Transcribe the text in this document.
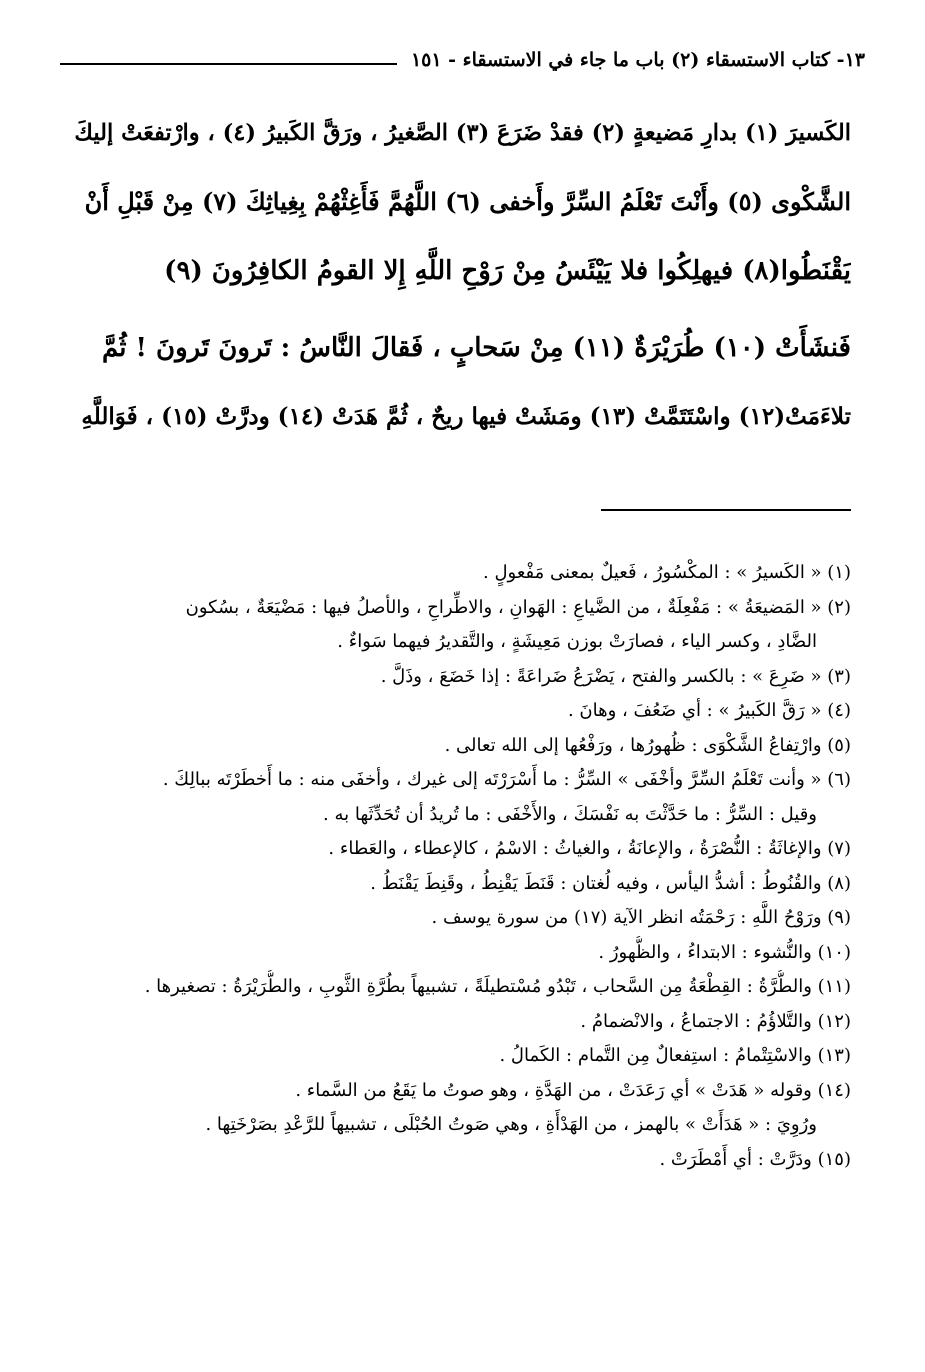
١٣- كتاب الاستسقاء (٢) باب ما جاء في الاستسقاء - ١٥١
الكَسيرَ (١) بدارِ مَضيعةٍ (٢) فقدْ ضَرَعَ (٣) الصَّغيرُ ، ورَقَّ الكَبيرُ (٤) ، وارْتفعَتْ إليكَ
الشَّكْوى (٥) وأَنْتَ تَعْلَمُ السِّرَّ وأَخفى (٦) اللَّهُمَّ فَأَغِثْهُمْ بِغِياثِكَ (٧) مِنْ قَبْلِ أَنْ
يَقْنَطُوا(٨) فيهلِكُوا فلا يَيْئَسُ مِنْ رَوْحِ اللَّهِ إِلا القومُ الكافِرُونَ (٩)
فَنشَأَتْ (١٠) طُرَيْرَةٌ (١١) مِنْ سَحابٍ ، فَقالَ النَّاسُ : تَرونَ تَرونَ ! ثُمَّ
تلاءَمَتْ(١٢) واسْتَتَمَّتْ (١٣) ومَشَتْ فيها ريحٌ ، ثُمَّ هَدَتْ (١٤) ودرَّتْ (١٥) ، فَوَاللَّهِ
(١) « الكَسيرُ » : المكْسُورُ ، فَعيلٌ بمعنى مَفْعولٍ .
(٢) « المَضيعَةُ » : مَفْعِلَةٌ ، من الضَّياعِ : الهَوانِ ، والاطِّراحِ ، والأصلُ فيها : مَضْيَعَةٌ ، بسُكون
الضَّادِ ، وكسر الياء ، فصارَتْ بوزن مَعِيشَةٍ ، والتَّقديرُ فيهما سَواءٌ .
(٣) « ضَرِعَ » : بالكسر والفتح ، يَضْرَعُ ضَراعَةً : إذا خَضَعَ ، وذَلَّ .
(٤) « رَقَّ الكَبيرُ » : أي ضَعُفَ ، وهانَ .
(٥) وارْتِفاعُ الشَّكْوَى : ظُهورُها ، ورَفْعُها إلى الله تعالى .
(٦) « وأنت تَعْلَمُ السِّرَّ وأخْفَى » السِّرُّ : ما أَسْرَرْتَه إلى غيرك ، وأخفَى منه : ما أَخطَرْتَه ببالِكَ .
وقيل : السِّرُّ : ما حَدَّثْتَ به نَفْسَكَ ، والأَخْفَى : ما تُريدُ أن تُحَدِّثَها به .
(٧) والإغاثَةُ : النُّصْرَةُ ، والإعانَةُ ، والغياثُ : الاسْمُ ، كالإعطاء ، والعَطاء .
(٨) والقُنُوطُ : أشدُّ اليأس ، وفيه لُغتان : قَنَطَ يَقْنِطُ ، وقَنِطَ يَقْنَطُ .
(٩) ورَوْحُ اللَّهِ : رَحْمَتُه انظر الآية (١٧) من سورة يوسف .
(١٠) والنُّشوء : الابتداءُ ، والظُّهورُ .
(١١) والطُّرَّةُ : القِطْعَةُ مِن السَّحاب ، تَبْدُو مُسْتطيلَةً ، تشبيهاً بطُرَّةِ الثَّوبِ ، والطُّرَيْرَةُ : تصغيرها .
(١٢) والتَّلاؤُمُ : الاجتماعُ ، والانْضمامُ .
(١٣) والاسْتِتْمامُ : استِفعالٌ مِن التَّمام : الكَمالُ .
(١٤) وقوله « هَدَتْ » أي رَعَدَتْ ، من الهَدَّةِ ، وهو صوتُ ما يَقَعُ من السَّماء .
ورُوِيَ : « هَدَأَتْ » بالهمز ، من الهَدْأَةِ ، وهي صَوتُ الحُبْلَى ، تشبيهاً للرَّعْدِ بصَرْخَتِها .
(١٥) ودَرَّتْ : أي أَمْطَرَتْ .
